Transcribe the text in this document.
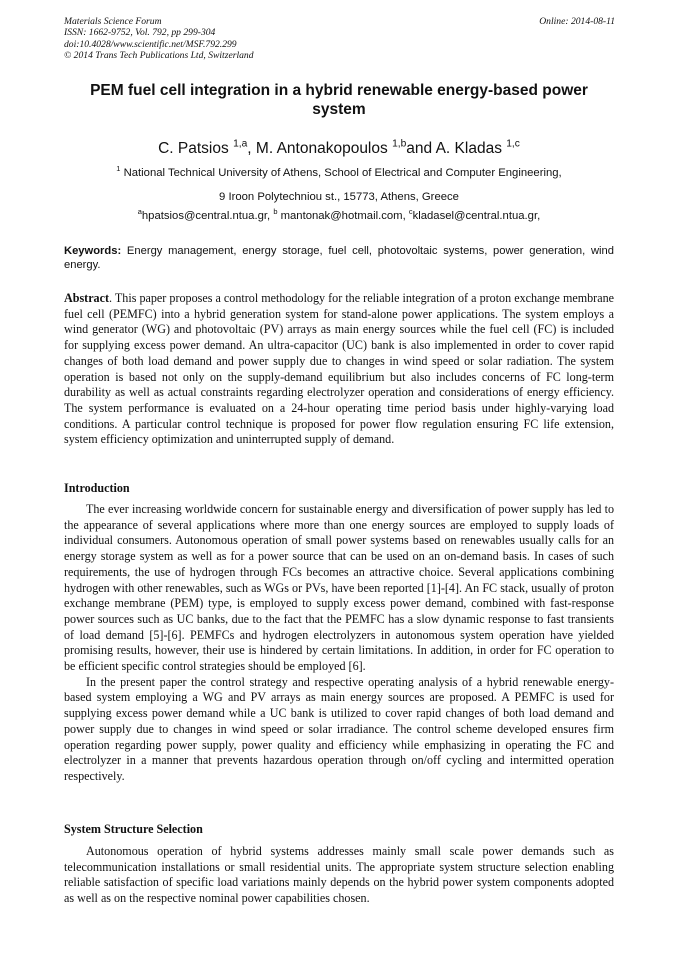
Materials Science Forum
ISSN: 1662-9752, Vol. 792, pp 299-304
doi:10.4028/www.scientific.net/MSF.792.299
© 2014 Trans Tech Publications Ltd, Switzerland
Online: 2014-08-11
PEM fuel cell integration in a hybrid renewable energy-based power system
C. Patsios $^{1,a}$, M. Antonakopoulos $^{1,b}$and A. Kladas $^{1,c}$
$^1$ National Technical University of Athens, School of Electrical and Computer Engineering,
9 Iroon Polytechniou st., 15773, Athens, Greece
$^a$hpatsios@central.ntua.gr, $^b$ mantonak@hotmail.com, $^c$kladasel@central.ntua.gr,
Keywords: Energy management, energy storage, fuel cell, photovoltaic systems, power generation, wind energy.

Abstract. This paper proposes a control methodology for the reliable integration of a proton exchange membrane fuel cell (PEMFC) into a hybrid generation system for stand-alone power applications. The system employs a wind generator (WG) and photovoltaic (PV) arrays as main energy sources while the fuel cell (FC) is included for supplying excess power demand. An ultra-capacitor (UC) bank is also implemented in order to cover rapid changes of both load demand and power supply due to changes in wind speed or solar radiation. The system operation is based not only on the supply-demand equilibrium but also includes concerns of FC long-term durability as well as actual constraints regarding electrolyzer operation and considerations of energy efficiency. The system performance is evaluated on a 24-hour operating time period basis under highly-varying load conditions. A particular control technique is proposed for power flow regulation ensuring FC life extension, system efficiency optimization and uninterrupted supply of demand.

Introduction

The ever increasing worldwide concern for sustainable energy and diversification of power supply has led to the appearance of several applications where more than one energy sources are employed to supply loads of individual consumers. Autonomous operation of small power systems based on renewables usually calls for an energy storage system as well as for a power source that can be used on an on-demand basis. In cases of such requirements, the use of hydrogen through FCs becomes an attractive choice. Several applications combining hydrogen with other renewables, such as WGs or PVs, have been reported [1]-[4]. An FC stack, usually of proton exchange membrane (PEM) type, is employed to supply excess power demand, combined with fast-response power sources such as UC banks, due to the fact that the PEMFC has a slow dynamic response to fast transients of load demand [5]-[6]. PEMFCs and hydrogen electrolyzers in autonomous system operation have yielded promising results, however, their use is hindered by certain limitations. In addition, in order for FC operation to be efficient specific control strategies should be employed [6].

In the present paper the control strategy and respective operating analysis of a hybrid renewable energy-based system employing a WG and PV arrays as main energy sources are proposed. A PEMFC is used for supplying excess power demand while a UC bank is utilized to cover rapid changes of both load demand and power supply due to changes in wind speed or solar irradiance. The control scheme developed ensures firm operation regarding power supply, power quality and efficiency while emphasizing in operating the FC and electrolyzer in a manner that prevents hazardous operation through on/off cycling and intermitted operation respectively.

System Structure Selection

Autonomous operation of hybrid systems addresses mainly small scale power demands such as telecommunication installations or small residential units. The appropriate system structure selection enabling reliable satisfaction of specific load variations mainly depends on the hybrid power system components adopted as well as on the respective nominal power capabilities chosen.
